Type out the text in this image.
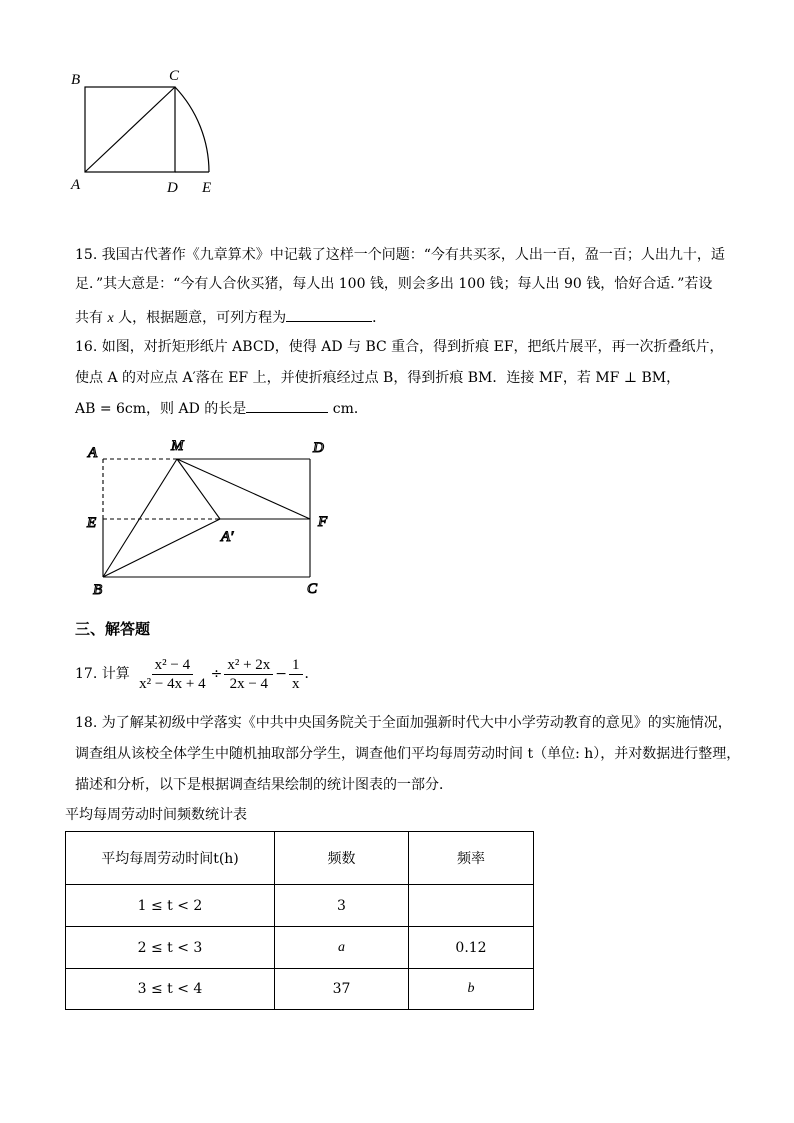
B	C
A	D E
15. 我国古代著作《九章算术》中记载了这样一个问题：“今有共买豕，人出一百，盈一百；人出九十，适
足．”其大意是：“今有人合伙买猪，每人出 100 钱，则会多出 100 钱；每人出 90 钱，恰好合适．”若设
共有 x 人，根据题意，可列方程为	．
16. 如图，对折矩形纸片 ABCD，使得 AD 与 BC 重合，得到折痕 EF，把纸片展平，再一次折叠纸片，
使点 A 的对应点 A′落在 EF 上，并使折痕经过点 B，得到折痕 BM．连接 MF，若 MF ⊥ BM，
AB = 6cm，则 AD 的长是	cm．
A	M	D
E	F
A′
B	C
三、解答题
17. 计算 $\frac{\text{x² − 4}}{\text{x² − 4x + 4}} \div \frac{\text{x² + 2x}}{2x - 4} - \frac{1}{x}$ ．
18. 为了解某初级中学落实《中共中央国务院关于全面加强新时代大中小学劳动教育的意见》的实施情况，
调查组从该校全体学生中随机抽取部分学生，调查他们平均每周劳动时间 t（单位: h），并对数据进行整理，
描述和分析，以下是根据调查结果绘制的统计图表的一部分．
平均每周劳动时间频数统计表
平均每周劳动时间t(h)	频数	频率
1 ≤ t < 2	3	
2 ≤ t < 3	a	0.12
3 ≤ t < 4	37	b
